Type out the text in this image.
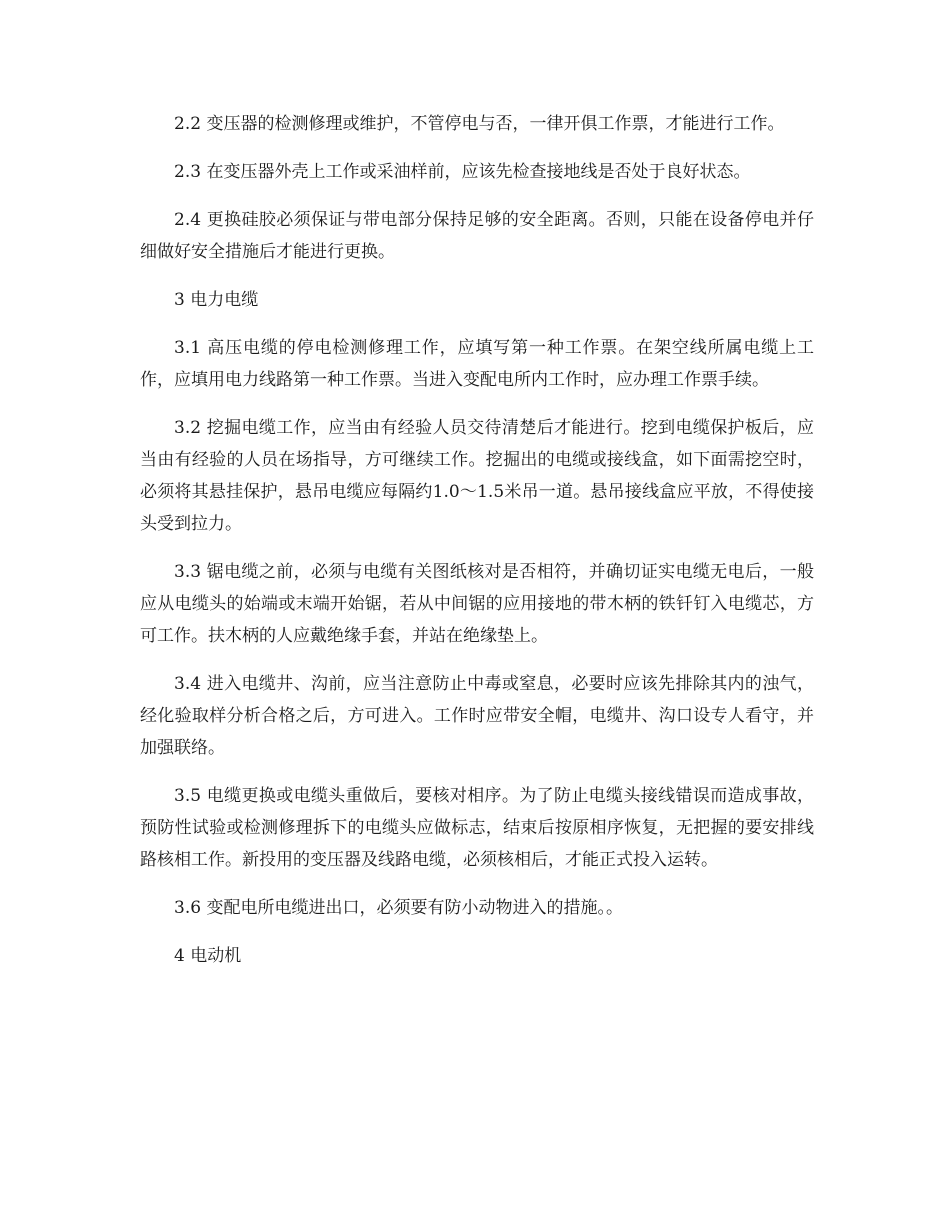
2.2 变压器的检测修理或维护，不管停电与否，一律开俱工作票，才能进行工作。

2.3 在变压器外壳上工作或采油样前，应该先检查接地线是否处于良好状态。

2.4 更换硅胶必须保证与带电部分保持足够的安全距离。否则，只能在设备停电并仔细做好安全措施后才能进行更换。

3 电力电缆

3.1 高压电缆的停电检测修理工作，应填写第一种工作票。在架空线所属电缆上工作，应填用电力线路第一种工作票。当进入变配电所内工作时，应办理工作票手续。

3.2 挖掘电缆工作，应当由有经验人员交待清楚后才能进行。挖到电缆保护板后，应当由有经验的人员在场指导，方可继续工作。挖掘出的电缆或接线盒，如下面需挖空时，必须将其悬挂保护，悬吊电缆应每隔约1.0～1.5米吊一道。悬吊接线盒应平放，不得使接头受到拉力。

3.3 锯电缆之前，必须与电缆有关图纸核对是否相符，并确切证实电缆无电后，一般应从电缆头的始端或末端开始锯，若从中间锯的应用接地的带木柄的铁钎钉入电缆芯，方可工作。扶木柄的人应戴绝缘手套，并站在绝缘垫上。

3.4 进入电缆井、沟前，应当注意防止中毒或窒息，必要时应该先排除其内的浊气，经化验取样分析合格之后，方可进入。工作时应带安全帽，电缆井、沟口设专人看守，并加强联络。

3.5 电缆更换或电缆头重做后，要核对相序。为了防止电缆头接线错误而造成事故，预防性试验或检测修理拆下的电缆头应做标志，结束后按原相序恢复，无把握的要安排线路核相工作。新投用的变压器及线路电缆，必须核相后，才能正式投入运转。

3.6 变配电所电缆进出口，必须要有防小动物进入的措施。。

4 电动机
